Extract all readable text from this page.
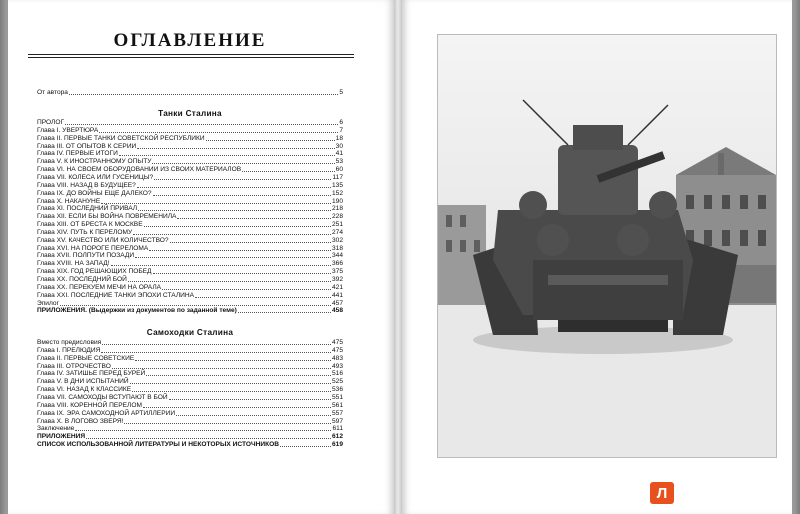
ОГЛАВЛЕНИЕ
От автора	5
Танки Сталина
ПРОЛОГ	6
Глава I. УВЕРТЮРА	7
Глава II. ПЕРВЫЕ ТАНКИ СОВЕТСКОЙ РЕСПУБЛИКИ	18
Глава III. ОТ ОПЫТОВ К СЕРИИ	30
Глава IV. ПЕРВЫЕ ИТОГИ	41
Глава V. К ИНОСТРАННОМУ ОПЫТУ	53
Глава VI. НА СВОЕМ ОБОРУДОВАНИИ ИЗ СВОИХ МАТЕРИАЛОВ	60
Глава VII. КОЛЕСА ИЛИ ГУСЕНИЦЫ?	117
Глава VIII. НАЗАД В БУДУЩЕЕ?	135
Глава IX. ДО ВОЙНЫ ЕЩЕ ДАЛЕКО?	152
Глава X. НАКАНУНЕ	190
Глава XI. ПОСЛЕДНИЙ ПРИВАЛ	218
Глава XII. ЕСЛИ БЫ ВОЙНА ПОВРЕМЕНИЛА	228
Глава XIII. ОТ БРЕСТА К МОСКВЕ	251
Глава XIV. ПУТЬ К ПЕРЕЛОМУ	274
Глава XV. КАЧЕСТВО ИЛИ КОЛИЧЕСТВО?	302
Глава XVI. НА ПОРОГЕ ПЕРЕЛОМА	318
Глава XVII. ПОЛПУТИ ПОЗАДИ	344
Глава XVIII. НА ЗАПАД!	366
Глава XIX. ГОД РЕШАЮЩИХ ПОБЕД	375
Глава XX. ПОСЛЕДНИЙ БОЙ	392
Глава XX. ПЕРЕКУЕМ МЕЧИ НА ОРАЛА	421
Глава XXI. ПОСЛЕДНИЕ ТАНКИ ЭПОХИ СТАЛИНА	441
Эпилог	457
ПРИЛОЖЕНИЯ. (Выдержки из документов по заданной теме)	458
Самоходки Сталина
Вместо предисловия	475
Глава I. ПРЕЛЮДИЯ	475
Глава II. ПЕРВЫЕ СОВЕТСКИЕ	483
Глава III. ОТРОЧЕСТВО	493
Глава IV. ЗАТИШЬЕ ПЕРЕД БУРЕЙ	516
Глава V. В ДНИ ИСПЫТАНИЙ	525
Глава VI. НАЗАД К КЛАССИКЕ	536
Глава VII. САМОХОДЫ ВСТУПАЮТ В БОЙ	551
Глава VIII. КОРЕННОЙ ПЕРЕЛОМ	561
Глава IX. ЭРА САМОХОДНОЙ АРТИЛЛЕРИИ	557
Глава X. В ЛОГОВО ЗВЕРЯ!	597
Заключение	611
ПРИЛОЖЕНИЯ	612
СПИСОК ИСПОЛЬЗОВАННОЙ ЛИТЕРАТУРЫ И НЕКОТОРЫХ ИСТОЧНИКОВ	619
Л
